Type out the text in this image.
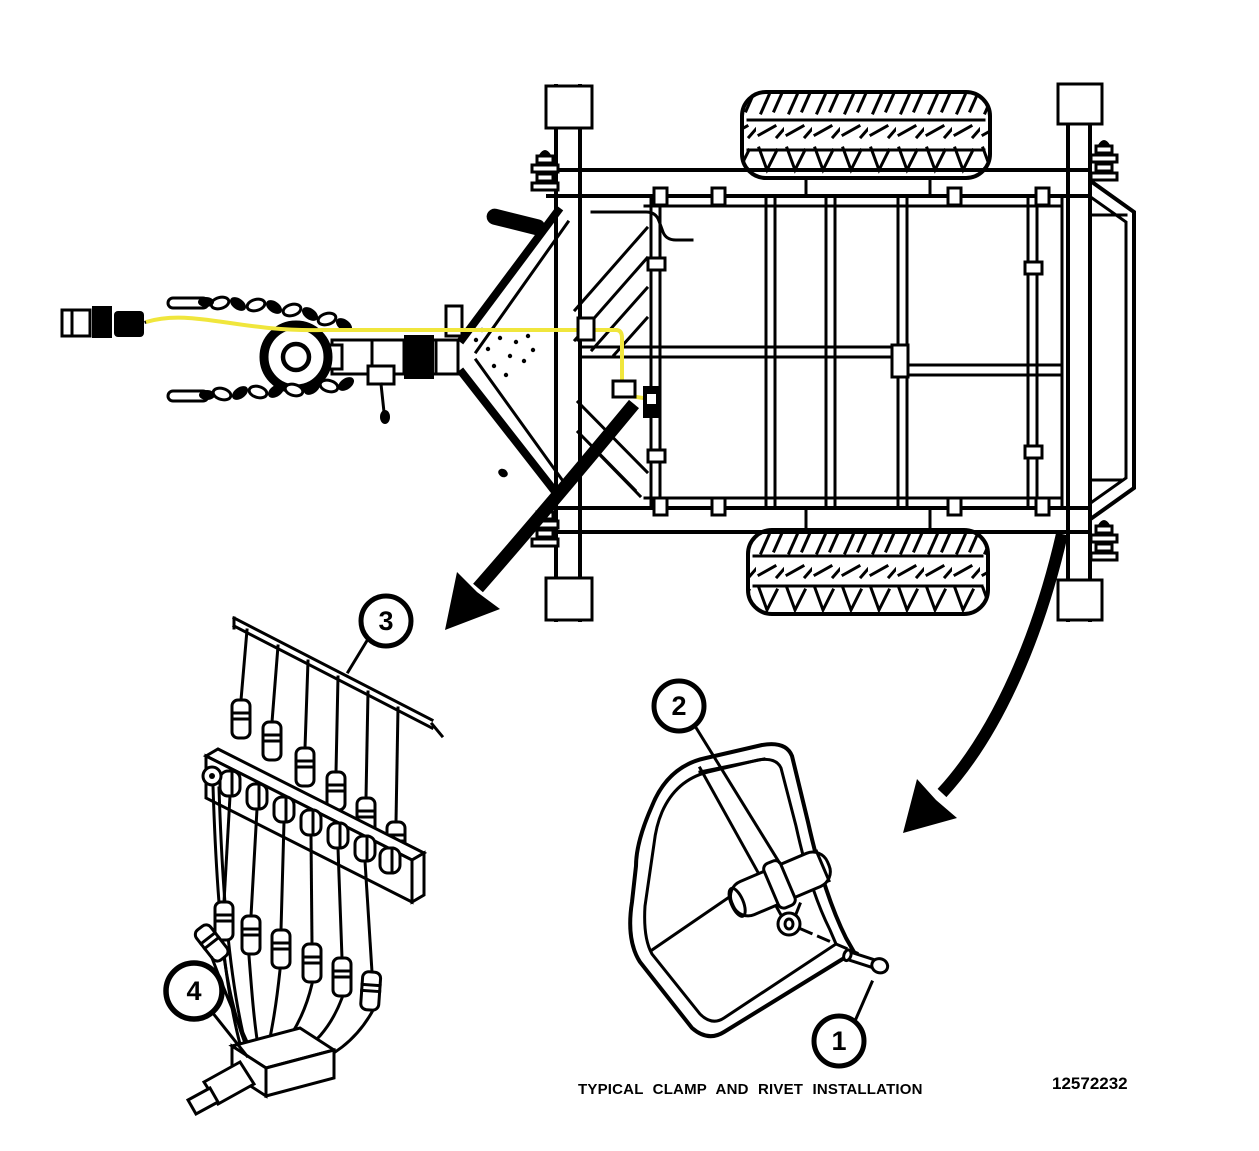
3
2
1
4
TYPICAL CLAMP AND RIVET INSTALLATION	12572232
